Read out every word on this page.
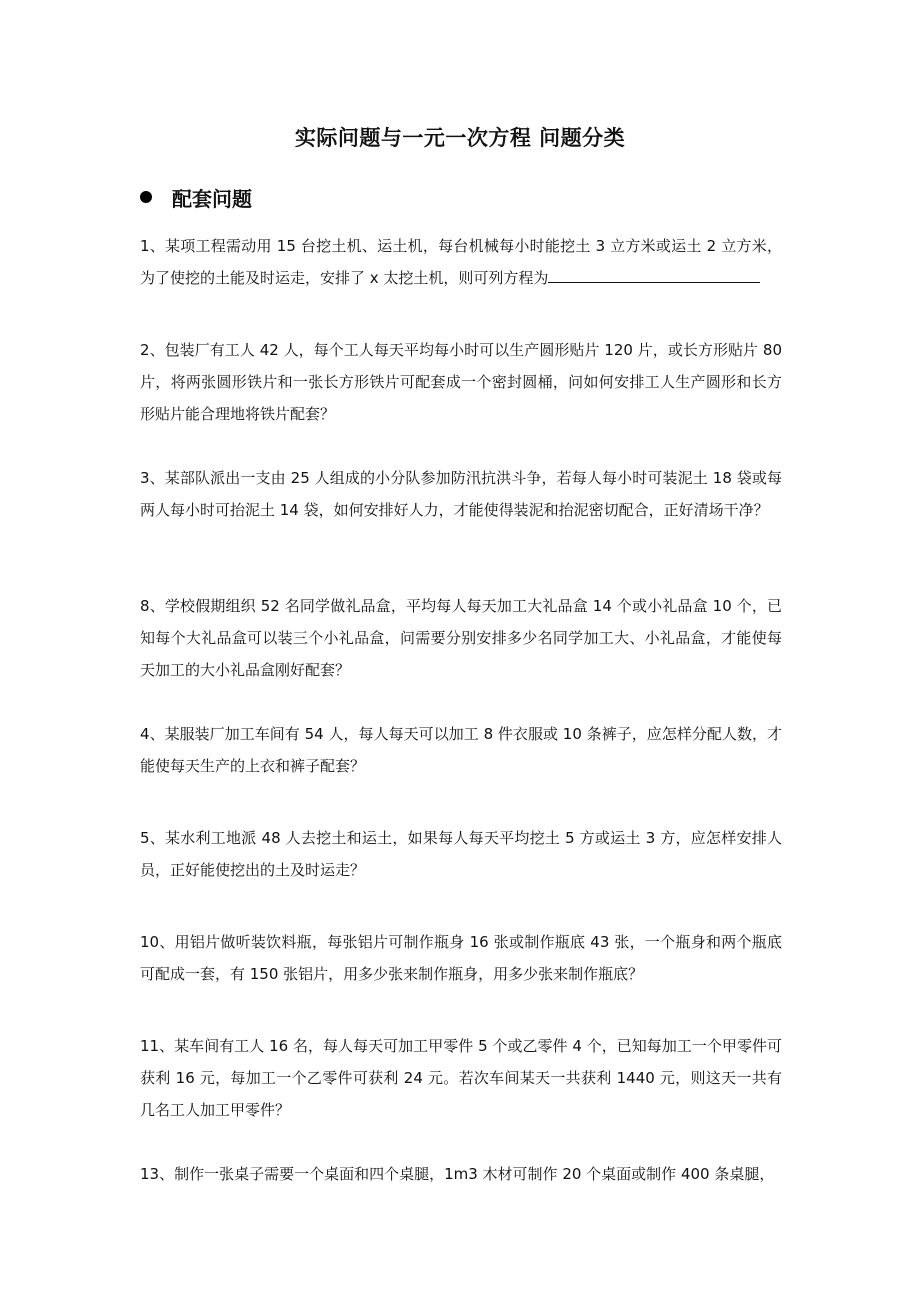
实际问题与一元一次方程 问题分类
配套问题
1、某项工程需动用 15 台挖土机、运土机，每台机械每小时能挖土 3 立方米或运土 2 立方米，为了使挖的土能及时运走，安排了 x 太挖土机，则可列方程为
2、包装厂有工人 42 人，每个工人每天平均每小时可以生产圆形贴片 120 片，或长方形贴片 80 片，将两张圆形铁片和一张长方形铁片可配套成一个密封圆桶，问如何安排工人生产圆形和长方形贴片能合理地将铁片配套？
3、某部队派出一支由 25 人组成的小分队参加防汛抗洪斗争，若每人每小时可装泥土 18 袋或每两人每小时可抬泥土 14 袋，如何安排好人力，才能使得装泥和抬泥密切配合，正好清场干净？
8、学校假期组织 52 名同学做礼品盒，平均每人每天加工大礼品盒 14 个或小礼品盒 10 个，已知每个大礼品盒可以装三个小礼品盒，问需要分别安排多少名同学加工大、小礼品盒，才能使每天加工的大小礼品盒刚好配套？
4、某服装厂加工车间有 54 人，每人每天可以加工 8 件衣服或 10 条裤子，应怎样分配人数，才能使每天生产的上衣和裤子配套？
5、某水利工地派 48 人去挖土和运土，如果每人每天平均挖土 5 方或运土 3 方，应怎样安排人员，正好能使挖出的土及时运走？
10、用铝片做听装饮料瓶，每张铝片可制作瓶身 16 张或制作瓶底 43 张，一个瓶身和两个瓶底可配成一套，有 150 张铝片，用多少张来制作瓶身，用多少张来制作瓶底？
11、某车间有工人 16 名，每人每天可加工甲零件 5 个或乙零件 4 个，已知每加工一个甲零件可获利 16 元，每加工一个乙零件可获利 24 元。若次车间某天一共获利 1440 元，则这天一共有几名工人加工甲零件？
13、制作一张桌子需要一个桌面和四个桌腿，1m3 木材可制作 20 个桌面或制作 400 条桌腿，
